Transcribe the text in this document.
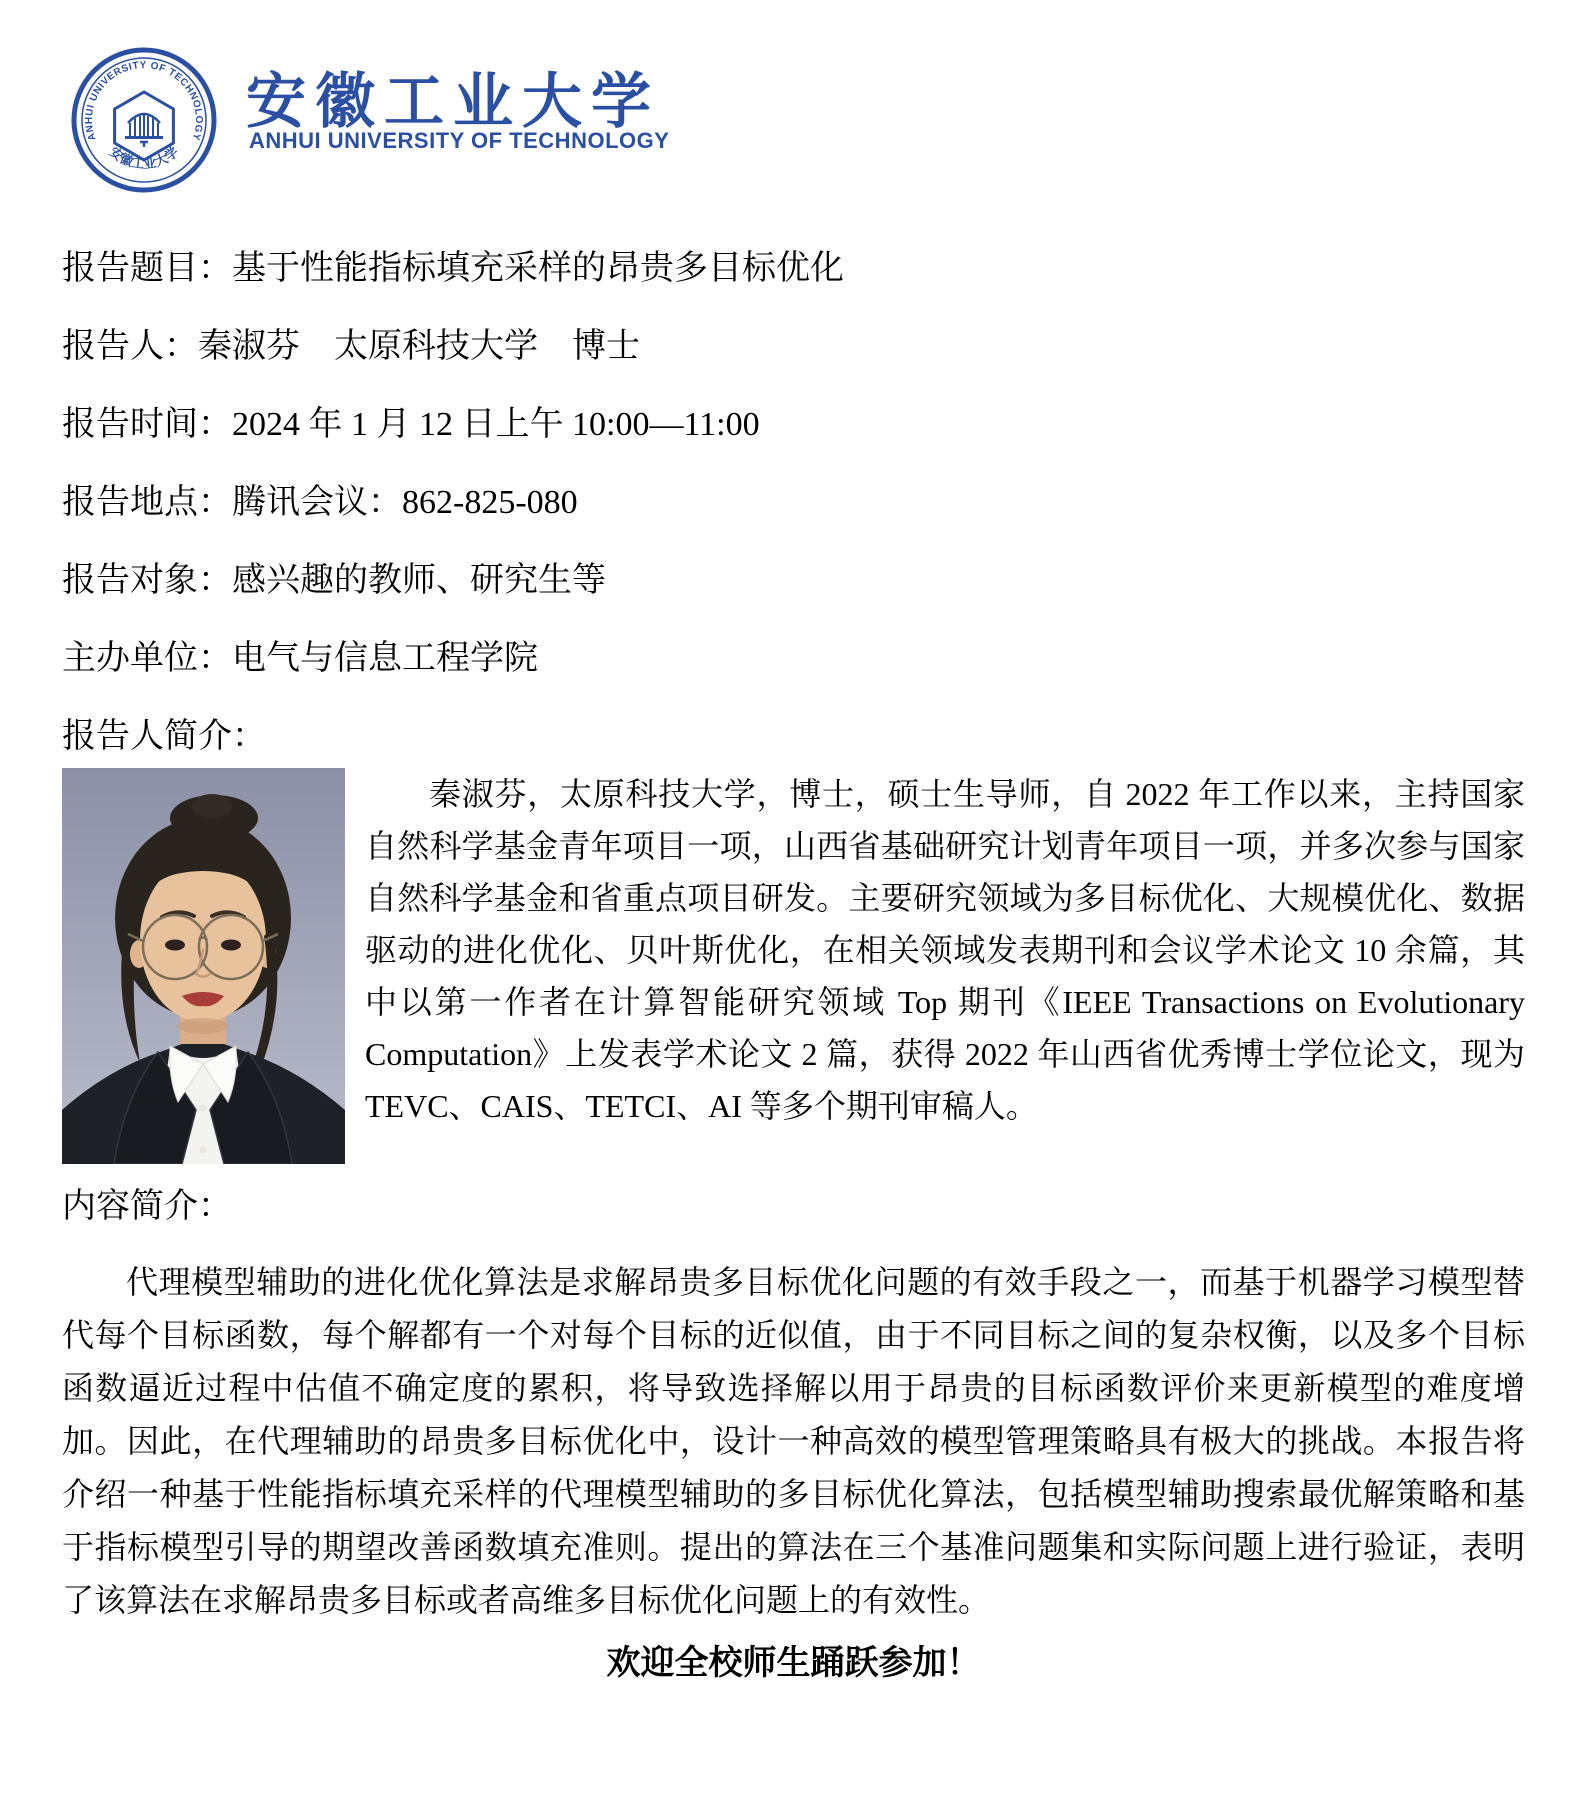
ANHUI UNIVERSITY OF TECHNOLOGY
安徽工业大学
安徽工业大学
ANHUI UNIVERSITY OF TECHNOLOGY

报告题目：基于性能指标填充采样的昂贵多目标优化

报告人：秦淑芬　太原科技大学　博士

报告时间：2024 年 1 月 12 日上午 10:00—11:00

报告地点：腾讯会议：862-825-080

报告对象：感兴趣的教师、研究生等

主办单位：电气与信息工程学院

报告人简介：

秦淑芬，太原科技大学，博士，硕士生导师，自 2022 年工作以来，主持国家自然科学基金青年项目一项，山西省基础研究计划青年项目一项，并多次参与国家自然科学基金和省重点项目研发。主要研究领域为多目标优化、大规模优化、数据驱动的进化优化、贝叶斯优化，在相关领域发表期刊和会议学术论文 10 余篇，其中以第一作者在计算智能研究领域 Top 期刊《IEEE Transactions on Evolutionary Computation》上发表学术论文 2 篇，获得 2022 年山西省优秀博士学位论文，现为 TEVC、CAIS、TETCI、AI 等多个期刊审稿人。

内容简介：

代理模型辅助的进化优化算法是求解昂贵多目标优化问题的有效手段之一，而基于机器学习模型替代每个目标函数，每个解都有一个对每个目标的近似值，由于不同目标之间的复杂权衡，以及多个目标函数逼近过程中估值不确定度的累积，将导致选择解以用于昂贵的目标函数评价来更新模型的难度增加。因此，在代理辅助的昂贵多目标优化中，设计一种高效的模型管理策略具有极大的挑战。本报告将介绍一种基于性能指标填充采样的代理模型辅助的多目标优化算法，包括模型辅助搜索最优解策略和基于指标模型引导的期望改善函数填充准则。提出的算法在三个基准问题集和实际问题上进行验证，表明了该算法在求解昂贵多目标或者高维多目标优化问题上的有效性。

欢迎全校师生踊跃参加！
